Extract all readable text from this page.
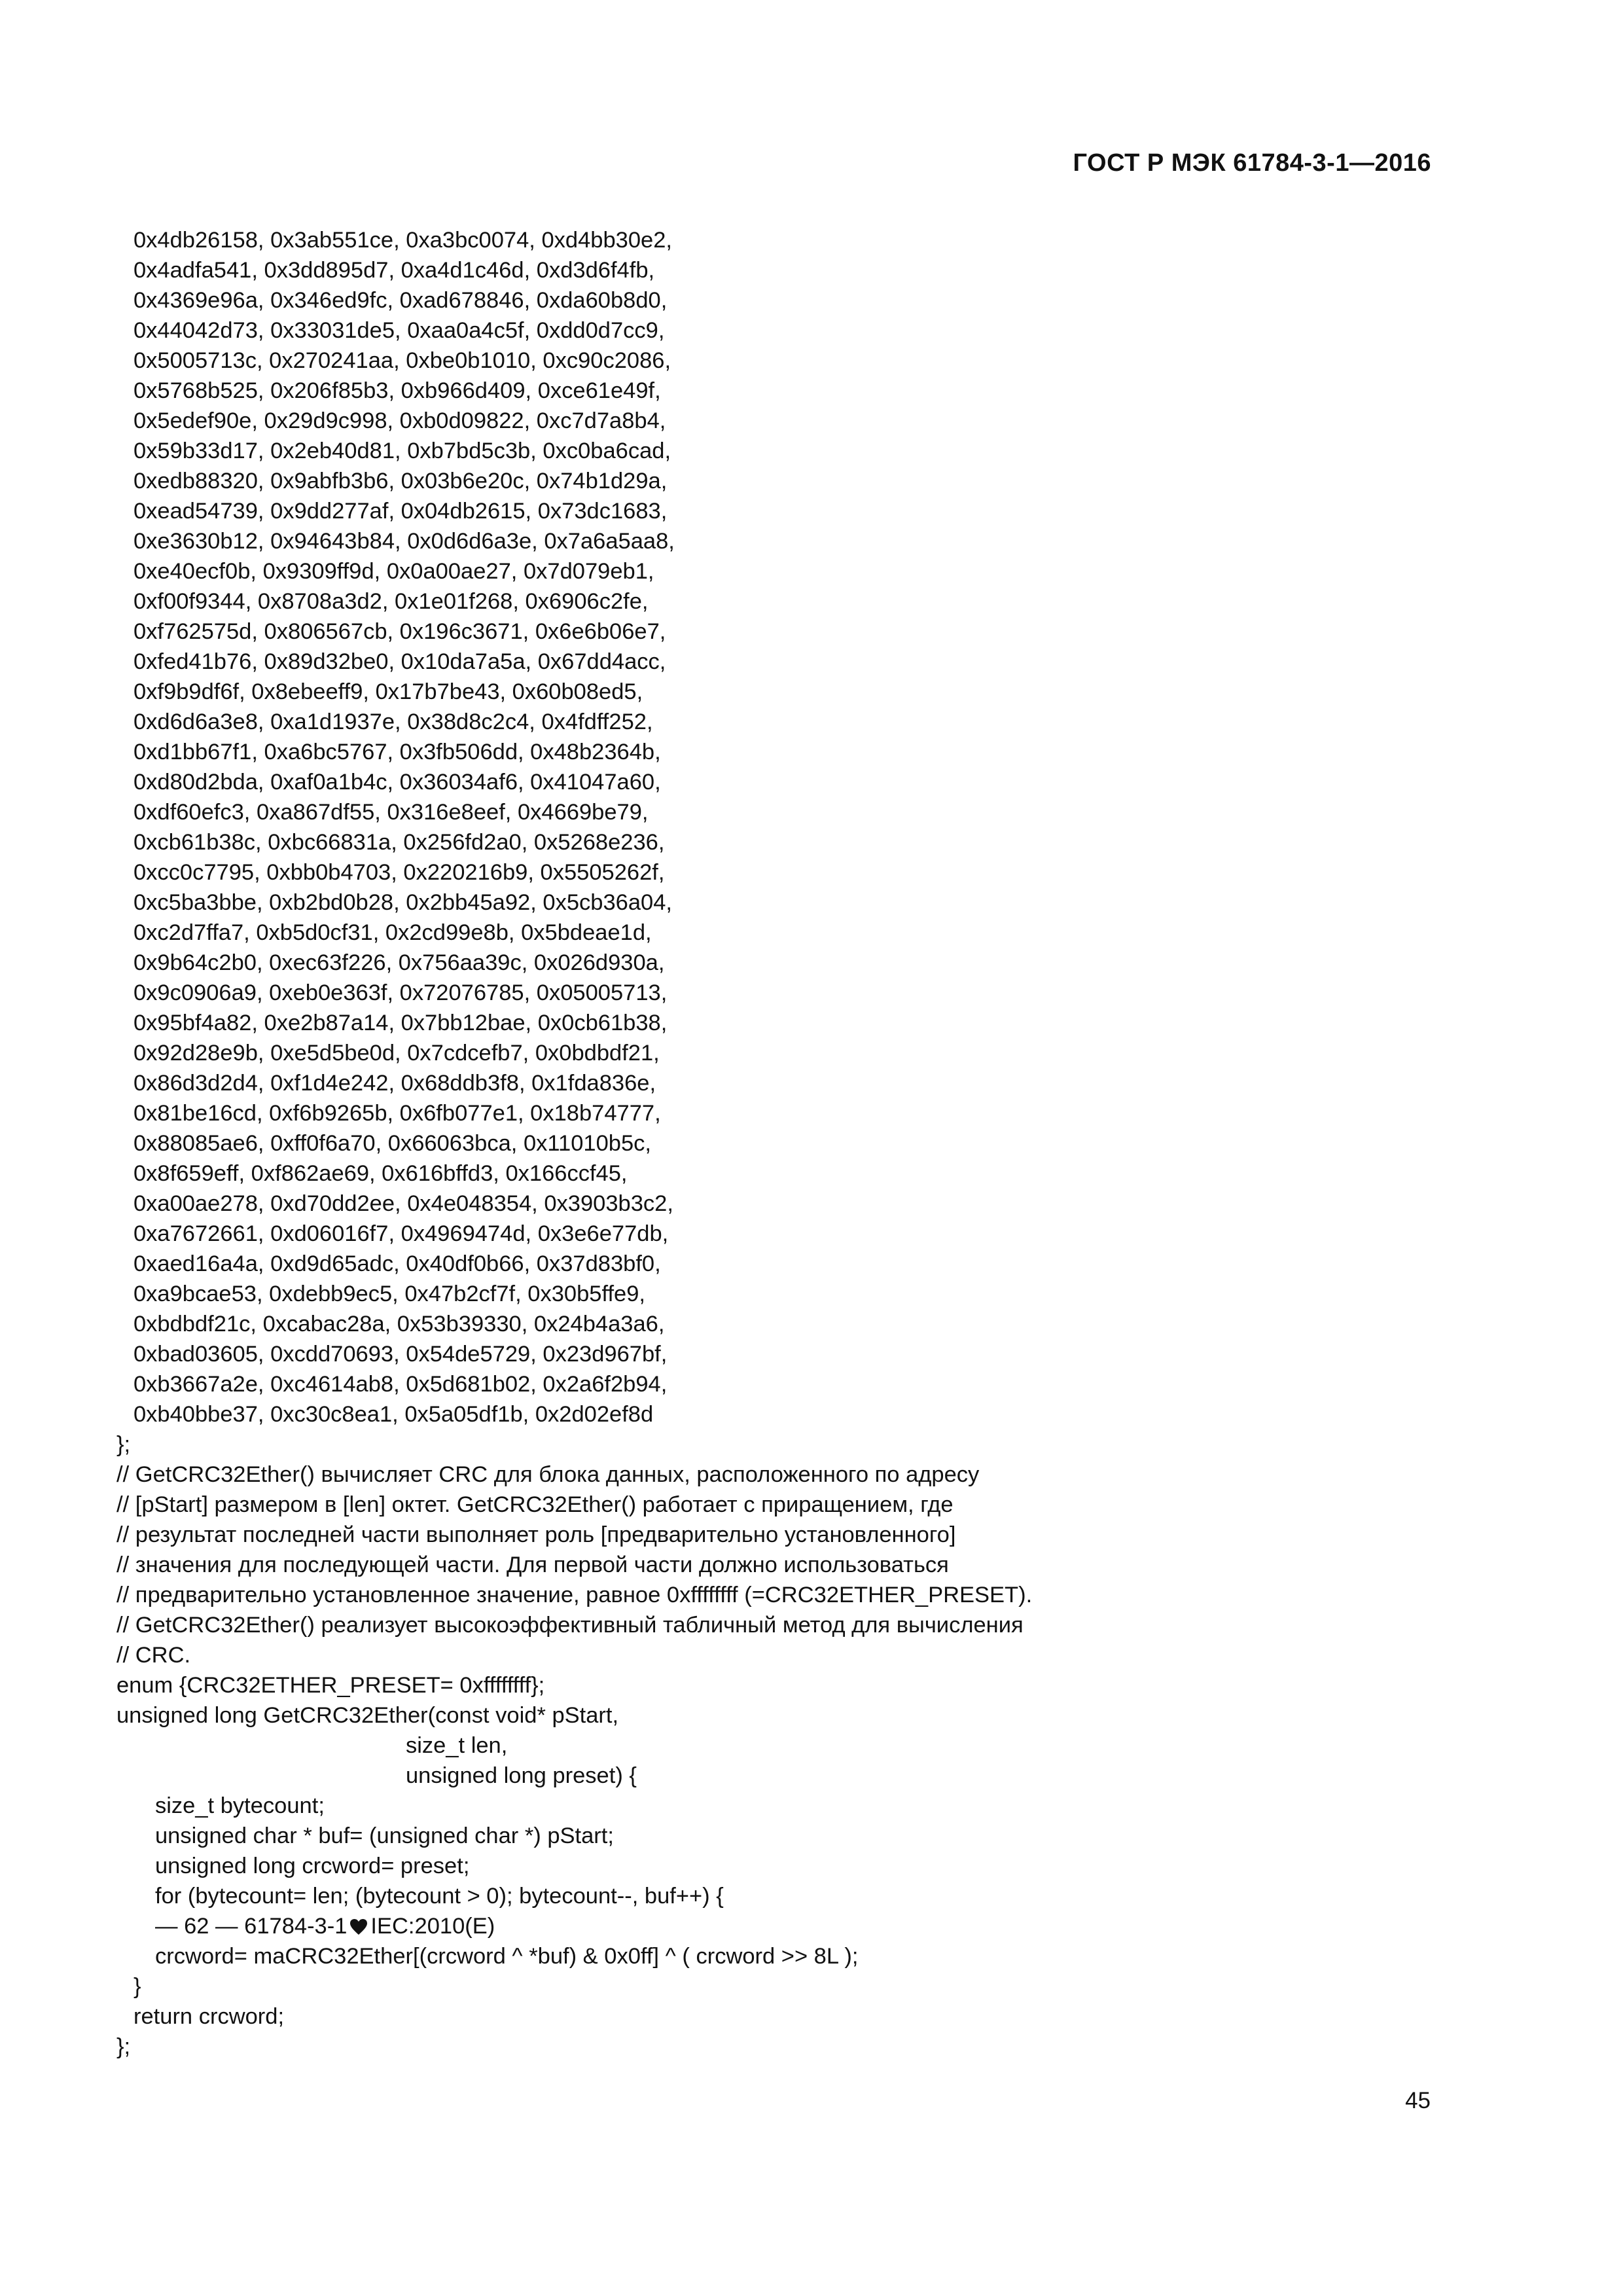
ГОСТ Р МЭК 61784-3-1—2016
0x4db26158, 0x3ab551ce, 0xa3bc0074, 0xd4bb30e2,
0x4adfa541, 0x3dd895d7, 0xa4d1c46d, 0xd3d6f4fb,
0x4369e96a, 0x346ed9fc, 0xad678846, 0xda60b8d0,
0x44042d73, 0x33031de5, 0xaa0a4c5f, 0xdd0d7cc9,
0x5005713c, 0x270241aa, 0xbe0b1010, 0xc90c2086,
0x5768b525, 0x206f85b3, 0xb966d409, 0xce61e49f,
0x5edef90e, 0x29d9c998, 0xb0d09822, 0xc7d7a8b4,
0x59b33d17, 0x2eb40d81, 0xb7bd5c3b, 0xc0ba6cad,
0xedb88320, 0x9abfb3b6, 0x03b6e20c, 0x74b1d29a,
0xead54739, 0x9dd277af, 0x04db2615, 0x73dc1683,
0xe3630b12, 0x94643b84, 0x0d6d6a3e, 0x7a6a5aa8,
0xe40ecf0b, 0x9309ff9d, 0x0a00ae27, 0x7d079eb1,
0xf00f9344, 0x8708a3d2, 0x1e01f268, 0x6906c2fe,
0xf762575d, 0x806567cb, 0x196c3671, 0x6e6b06e7,
0xfed41b76, 0x89d32be0, 0x10da7a5a, 0x67dd4acc,
0xf9b9df6f, 0x8ebeeff9, 0x17b7be43, 0x60b08ed5,
0xd6d6a3e8, 0xa1d1937e, 0x38d8c2c4, 0x4fdff252,
0xd1bb67f1, 0xa6bc5767, 0x3fb506dd, 0x48b2364b,
0xd80d2bda, 0xaf0a1b4c, 0x36034af6, 0x41047a60,
0xdf60efc3, 0xa867df55, 0x316e8eef, 0x4669be79,
0xcb61b38c, 0xbc66831a, 0x256fd2a0, 0x5268e236,
0xcc0c7795, 0xbb0b4703, 0x220216b9, 0x5505262f,
0xc5ba3bbe, 0xb2bd0b28, 0x2bb45a92, 0x5cb36a04,
0xc2d7ffa7, 0xb5d0cf31, 0x2cd99e8b, 0x5bdeae1d,
0x9b64c2b0, 0xec63f226, 0x756aa39c, 0x026d930a,
0x9c0906a9, 0xeb0e363f, 0x72076785, 0x05005713,
0x95bf4a82, 0xe2b87a14, 0x7bb12bae, 0x0cb61b38,
0x92d28e9b, 0xe5d5be0d, 0x7cdcefb7, 0x0bdbdf21,
0x86d3d2d4, 0xf1d4e242, 0x68ddb3f8, 0x1fda836e,
0x81be16cd, 0xf6b9265b, 0x6fb077e1, 0x18b74777,
0x88085ae6, 0xff0f6a70, 0x66063bca, 0x11010b5c,
0x8f659eff, 0xf862ae69, 0x616bffd3, 0x166ccf45,
0xa00ae278, 0xd70dd2ee, 0x4e048354, 0x3903b3c2,
0xa7672661, 0xd06016f7, 0x4969474d, 0x3e6e77db,
0xaed16a4a, 0xd9d65adc, 0x40df0b66, 0x37d83bf0,
0xa9bcae53, 0xdebb9ec5, 0x47b2cf7f, 0x30b5ffe9,
0xbdbdf21c, 0xcabac28a, 0x53b39330, 0x24b4a3a6,
0xbad03605, 0xcdd70693, 0x54de5729, 0x23d967bf,
0xb3667a2e, 0xc4614ab8, 0x5d681b02, 0x2a6f2b94,
0xb40bbe37, 0xc30c8ea1, 0x5a05df1b, 0x2d02ef8d
};
// GetCRC32Ether() вычисляет CRC для блока данных, расположенного по адресу
// [pStart] размером в [len] октет. GetCRC32Ether() работает с приращением, где
// результат последней части выполняет роль [предварительно установленного]
// значения для последующей части. Для первой части должно использоваться
// предварительно установленное значение, равное 0xffffffff (=CRC32ETHER_PRESET).
// GetCRC32Ether() реализует высокоэффективный табличный метод для вычисления
// CRC.
enum {CRC32ETHER_PRESET= 0xffffffff};
unsigned long GetCRC32Ether(const void* pStart,
size_t len,
unsigned long preset) {
size_t bytecount;
unsigned char * buf= (unsigned char *) pStart;
unsigned long crcword= preset;
for (bytecount= len; (bytecount > 0); bytecount--, buf++) {
— 62 — 61784-3-1 IEC:2010(E)
crcword= maCRC32Ether[(crcword ^ *buf) & 0x0ff] ^ ( crcword >> 8L );
}
return crcword;
};
45
